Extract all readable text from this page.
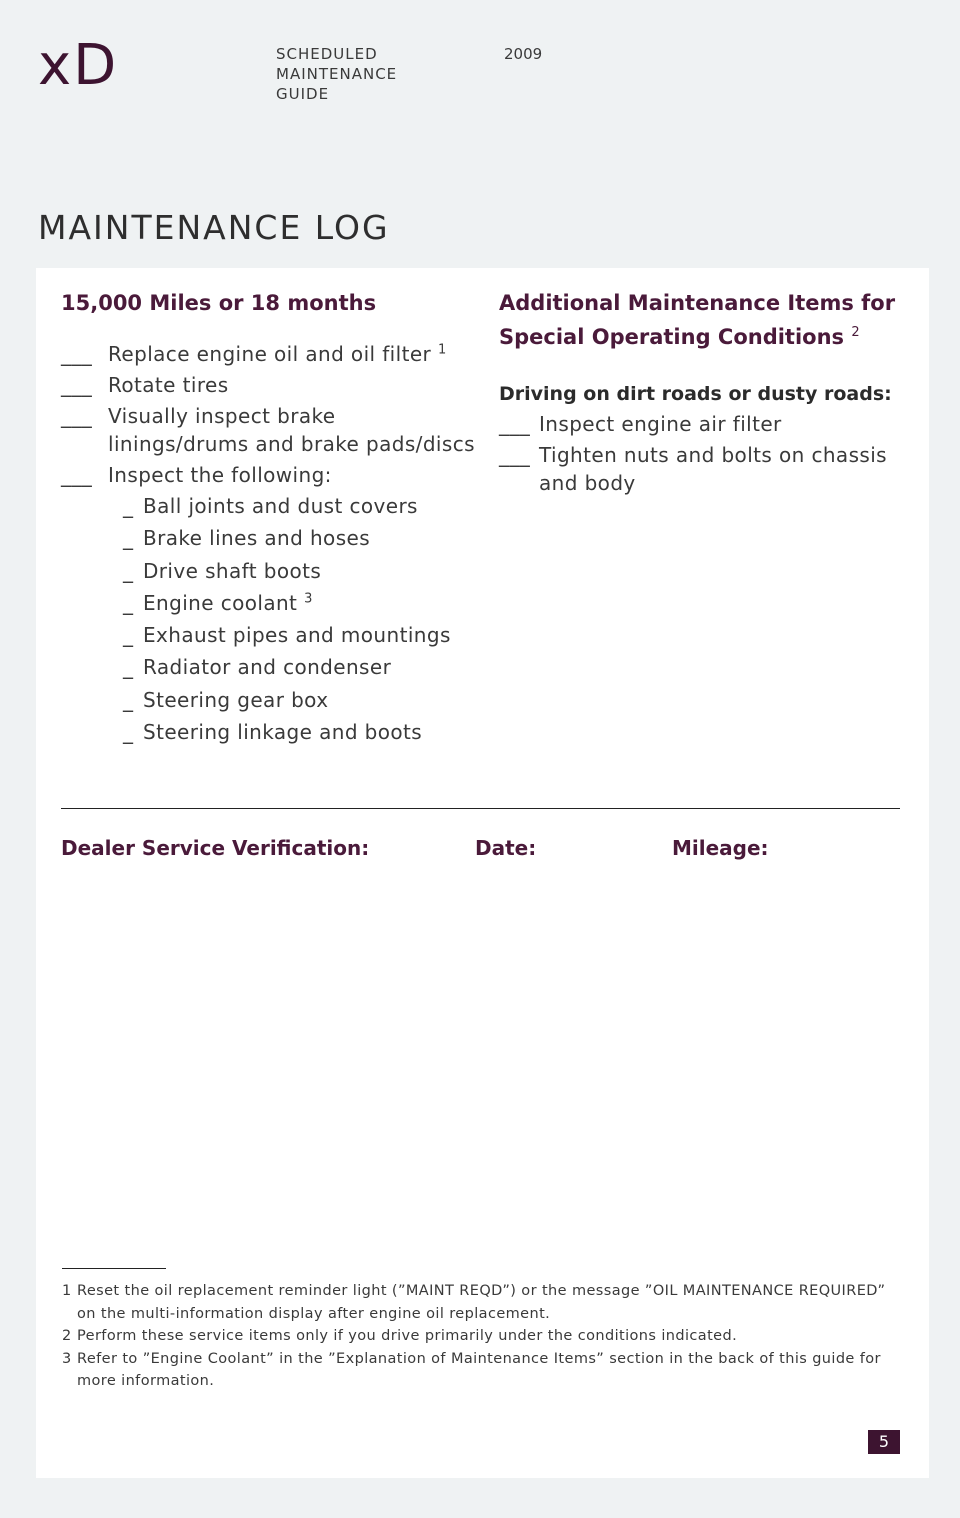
xD	SCHEDULED MAINTENANCE GUIDE
2009
MAINTENANCE LOG
15,000 Miles or 18 months
___ Replace engine oil and oil filter $^1$
___ Rotate tires
___ Visually inspect brake linings/drums and brake pads/discs
___ Inspect the following:
_ Ball joints and dust covers
_ Brake lines and hoses
_ Drive shaft boots
_ Engine coolant $^3$
_ Exhaust pipes and mountings
_ Radiator and condenser
_ Steering gear box
_ Steering linkage and boots
Additional Maintenance Items for Special Operating Conditions $^2$

Driving on dirt roads or dusty roads:

___ Inspect engine air filter
___ Tighten nuts and bolts on chassis and body
Dealer Service Verification:	Date:	Mileage:
1 Reset the oil replacement reminder light (”MAINT REQD”) or the message ”OIL MAINTENANCE REQUIRED” on the multi-information display after engine oil replacement.
2 Perform these service items only if you drive primarily under the conditions indicated.
3 Refer to ”Engine Coolant” in the ”Explanation of Maintenance Items” section in the back of this guide for more information.
5
